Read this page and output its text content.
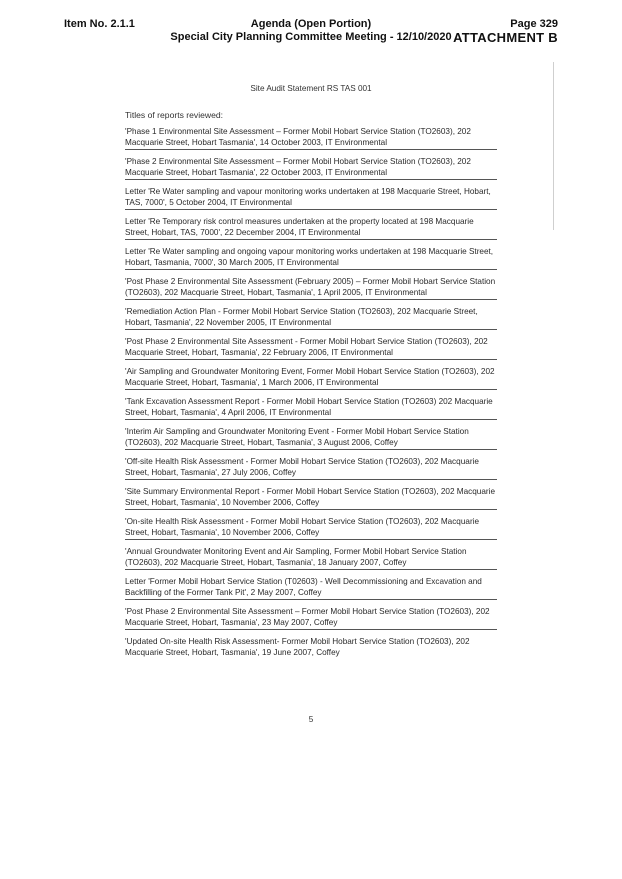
Item No. 2.1.1	Agenda (Open Portion)
Special City Planning Committee Meeting - 12/10/2020
Page 329
ATTACHMENT B
Site Audit Statement RS TAS 001
Titles of reports reviewed:
'Phase 1 Environmental Site Assessment – Former Mobil Hobart Service Station (TO2603), 202 Macquarie Street, Hobart Tasmania', 14 October 2003, IT Environmental
'Phase 2 Environmental Site Assessment – Former Mobil Hobart Service Station (TO2603), 202 Macquarie Street, Hobart Tasmania', 22 October 2003, IT Environmental
Letter 'Re Water sampling and vapour monitoring works undertaken at 198 Macquarie Street, Hobart, TAS, 7000', 5 October 2004, IT Environmental
Letter 'Re Temporary risk control measures undertaken at the property located at 198 Macquarie Street, Hobart, TAS, 7000', 22 December 2004, IT Environmental
Letter 'Re Water sampling and ongoing vapour monitoring works undertaken at 198 Macquarie Street, Hobart, Tasmania, 7000', 30 March 2005, IT Environmental
'Post Phase 2 Environmental Site Assessment (February 2005) – Former Mobil Hobart Service Station (TO2603), 202 Macquarie Street, Hobart, Tasmania', 1 April 2005, IT Environmental
'Remediation Action Plan - Former Mobil Hobart Service Station (TO2603), 202 Macquarie Street, Hobart, Tasmania', 22 November 2005, IT Environmental
'Post Phase 2 Environmental Site Assessment - Former Mobil Hobart Service Station (TO2603), 202 Macquarie Street, Hobart, Tasmania', 22 February 2006, IT Environmental
'Air Sampling and Groundwater Monitoring Event, Former Mobil Hobart Service Station (TO2603), 202 Macquarie Street, Hobart, Tasmania', 1 March 2006, IT Environmental
'Tank Excavation Assessment Report - Former Mobil Hobart Service Station (TO2603) 202 Macquarie Street, Hobart, Tasmania', 4 April 2006, IT Environmental
'Interim Air Sampling and Groundwater Monitoring Event - Former Mobil Hobart Service Station (TO2603), 202 Macquarie Street, Hobart, Tasmania', 3 August 2006, Coffey
'Off-site Health Risk Assessment - Former Mobil Hobart Service Station (TO2603), 202 Macquarie Street, Hobart, Tasmania', 27 July 2006, Coffey
'Site Summary Environmental Report - Former Mobil Hobart Service Station (TO2603), 202 Macquarie Street, Hobart, Tasmania', 10 November 2006, Coffey
'On-site Health Risk Assessment - Former Mobil Hobart Service Station (TO2603), 202 Macquarie Street, Hobart, Tasmania', 10 November 2006, Coffey
'Annual Groundwater Monitoring Event and Air Sampling, Former Mobil Hobart Service Station (TO2603), 202 Macquarie Street, Hobart, Tasmania', 18 January 2007, Coffey
Letter 'Former Mobil Hobart Service Station (T02603) - Well Decommissioning and Excavation and Backfilling of the Former Tank Pit', 2 May 2007, Coffey
'Post Phase 2 Environmental Site Assessment – Former Mobil Hobart Service Station (TO2603), 202 Macquarie Street, Hobart, Tasmania', 23 May 2007, Coffey
'Updated On-site Health Risk Assessment- Former Mobil Hobart Service Station (TO2603), 202 Macquarie Street, Hobart, Tasmania', 19 June 2007, Coffey
5
